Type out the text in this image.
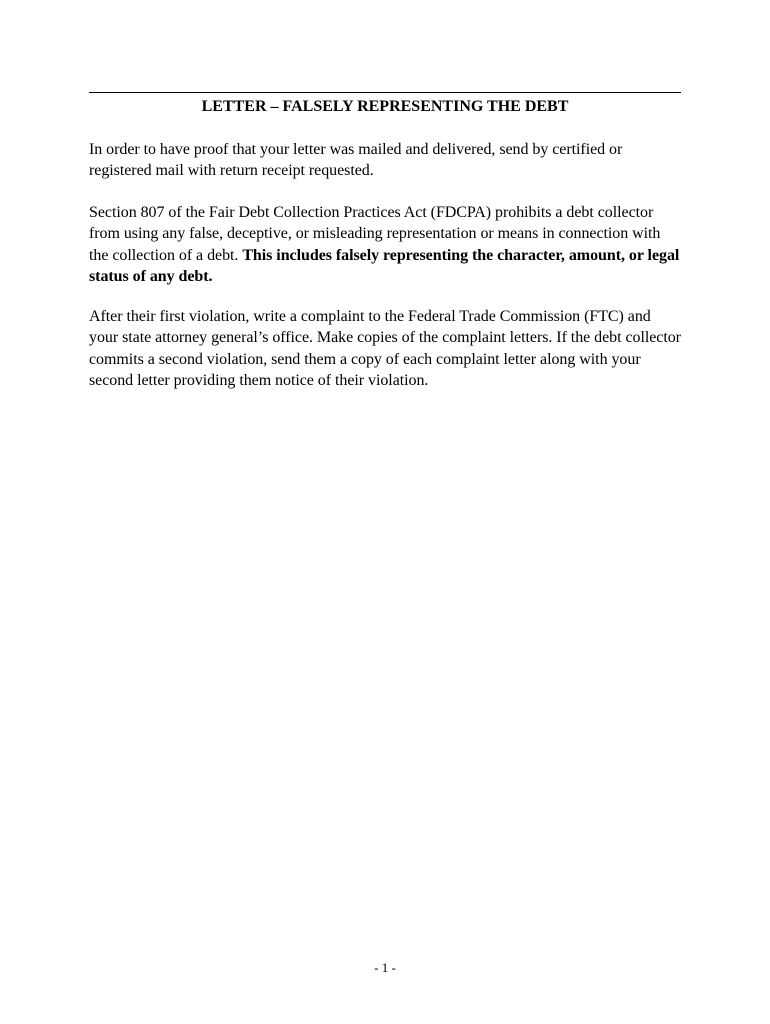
LETTER – FALSELY REPRESENTING THE DEBT

In order to have proof that your letter was mailed and delivered, send by certified or registered mail with return receipt requested.

Section 807 of the Fair Debt Collection Practices Act (FDCPA) prohibits a debt collector from using any false, deceptive, or misleading representation or means in connection with the collection of a debt. This includes falsely representing the character, amount, or legal status of any debt.

After their first violation, write a complaint to the Federal Trade Commission (FTC) and your state attorney general’s office. Make copies of the complaint letters. If the debt collector commits a second violation, send them a copy of each complaint letter along with your second letter providing them notice of their violation.

- 1 -
